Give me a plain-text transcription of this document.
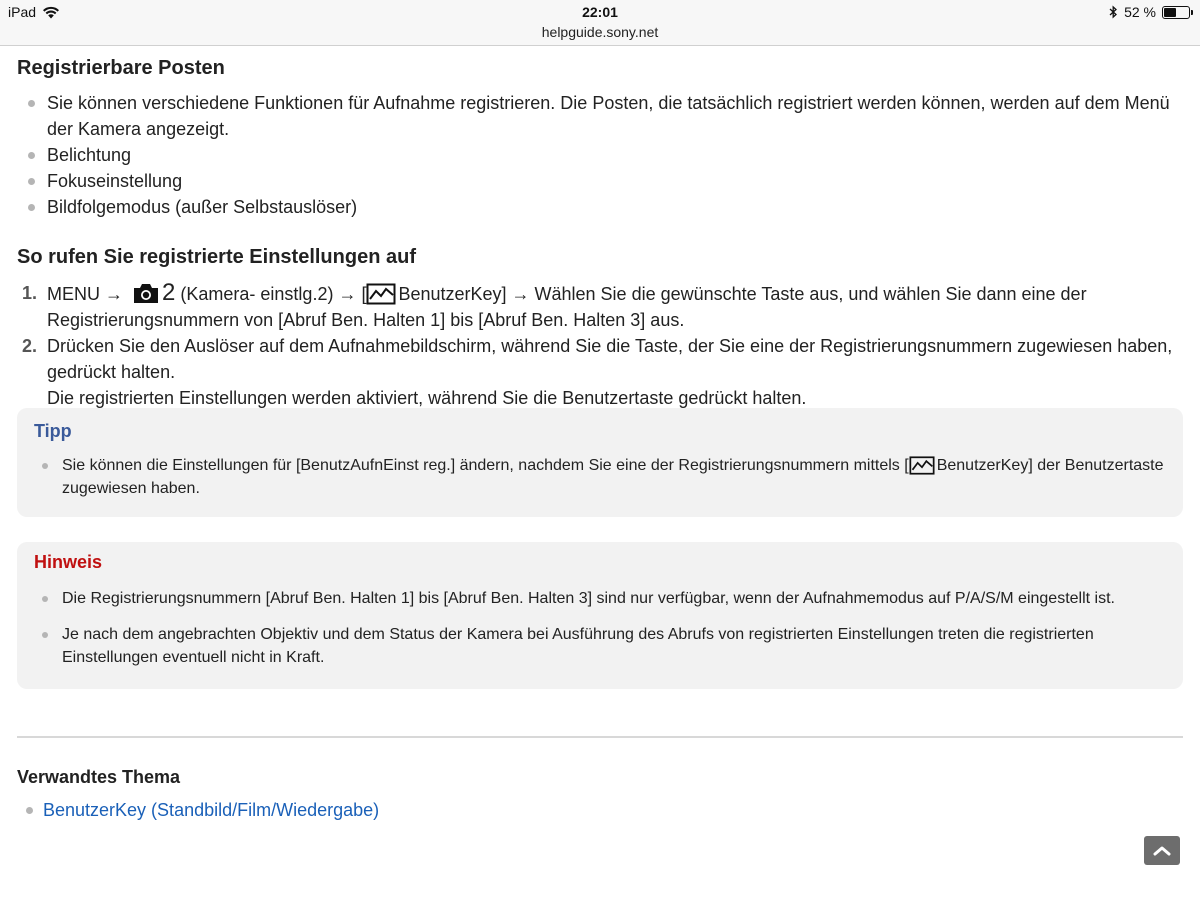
iPad	22:01
helpguide.sony.net
52 %
Registrierbare Posten
Sie können verschiedene Funktionen für Aufnahme registrieren. Die Posten, die tatsächlich registriert werden können, werden auf dem Menü der Kamera angezeigt.
Belichtung
Fokuseinstellung
Bildfolgemodus (außer Selbstauslöser)
So rufen Sie registrierte Einstellungen auf
1. MENU → 2 (Kamera- einstlg.2) → [ BenutzerKey] → Wählen Sie die gewünschte Taste aus, und wählen Sie dann eine der Registrierungsnummern von [Abruf Ben. Halten 1] bis [Abruf Ben. Halten 3] aus.
2. Drücken Sie den Auslöser auf dem Aufnahmebildschirm, während Sie die Taste, der Sie eine der Registrierungsnummern zugewiesen haben, gedrückt halten.
Die registrierten Einstellungen werden aktiviert, während Sie die Benutzertaste gedrückt halten.
Tipp
Sie können die Einstellungen für [BenutzAufnEinst reg.] ändern, nachdem Sie eine der Registrierungsnummern mittels [ BenutzerKey] der Benutzertaste zugewiesen haben.
Hinweis
Die Registrierungsnummern [Abruf Ben. Halten 1] bis [Abruf Ben. Halten 3] sind nur verfügbar, wenn der Aufnahmemodus auf P/A/S/M eingestellt ist.
Je nach dem angebrachten Objektiv und dem Status der Kamera bei Ausführung des Abrufs von registrierten Einstellungen treten die registrierten Einstellungen eventuell nicht in Kraft.
Verwandtes Thema
BenutzerKey (Standbild/Film/Wiedergabe)
